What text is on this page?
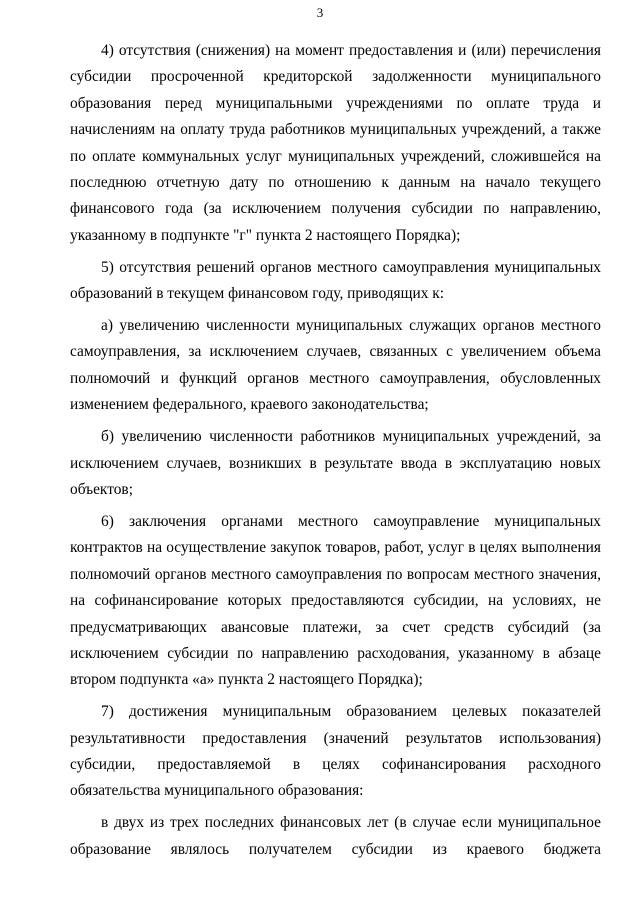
3

4) отсутствия (снижения) на момент предоставления и (или) перечисления субсидии просроченной кредиторской задолженности муниципального образования перед муниципальными учреждениями по оплате труда и начислениям на оплату труда работников муниципальных учреждений, а также по оплате коммунальных услуг муниципальных учреждений, сложившейся на последнюю отчетную дату по отношению к данным на начало текущего финансового года (за исключением получения субсидии по направлению, указанному в подпункте "г" пункта 2 настоящего Порядка);

5) отсутствия решений органов местного самоуправления муниципальных образований в текущем финансовом году, приводящих к:

а) увеличению численности муниципальных служащих органов местного самоуправления, за исключением случаев, связанных с увеличением объема полномочий и функций органов местного самоуправления, обусловленных изменением федерального, краевого законодательства;

б) увеличению численности работников муниципальных учреждений, за исключением случаев, возникших в результате ввода в эксплуатацию новых объектов;

6) заключения органами местного самоуправление муниципальных контрактов на осуществление закупок товаров, работ, услуг в целях выполнения полномочий органов местного самоуправления по вопросам местного значения, на софинансирование которых предоставляются субсидии, на условиях, не предусматривающих авансовые платежи, за счет средств субсидий (за исключением субсидии по направлению расходования, указанному в абзаце втором подпункта «а» пункта 2 настоящего Порядка);

7) достижения муниципальным образованием целевых показателей результативности предоставления (значений результатов использования) субсидии, предоставляемой в целях софинансирования расходного обязательства муниципального образования:

в двух из трех последних финансовых лет (в случае если муниципальное образование являлось получателем субсидии из краевого бюджета
